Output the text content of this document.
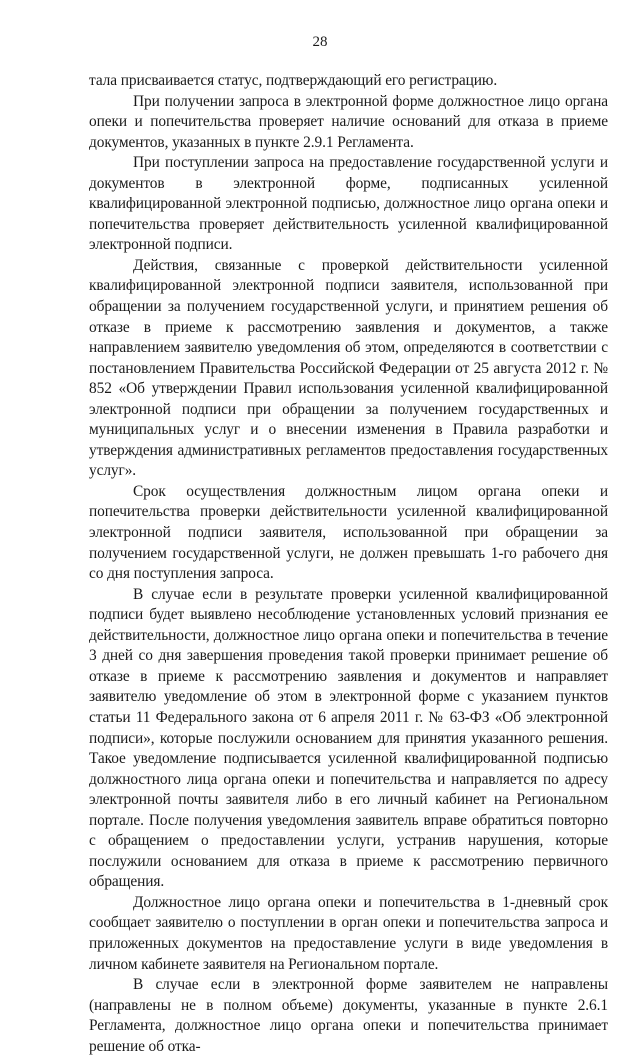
28

тала присваивается статус, подтверждающий его регистрацию.

При получении запроса в электронной форме должностное лицо органа опеки и попечительства проверяет наличие оснований для отказа в приеме документов, указанных в пункте 2.9.1 Регламента.

При поступлении запроса на предоставление государственной услуги и документов в электронной форме, подписанных усиленной квалифицированной электронной подписью, должностное лицо органа опеки и попечительства проверяет действительность усиленной квалифицированной электронной подписи.

Действия, связанные с проверкой действительности усиленной квалифицированной электронной подписи заявителя, использованной при обращении за получением государственной услуги, и принятием решения об отказе в приеме к рассмотрению заявления и документов, а также направлением заявителю уведомления об этом, определяются в соответствии с постановлением Правительства Российской Федерации от 25 августа 2012 г. № 852 «Об утверждении Правил использования усиленной квалифицированной электронной подписи при обращении за получением государственных и муниципальных услуг и о внесении изменения в Правила разработки и утверждения административных регламентов предоставления государственных услуг».

Срок осуществления должностным лицом органа опеки и попечительства проверки действительности усиленной квалифицированной электронной подписи заявителя, использованной при обращении за получением государственной услуги, не должен превышать 1-го рабочего дня со дня поступления запроса.

В случае если в результате проверки усиленной квалифицированной подписи будет выявлено несоблюдение установленных условий признания ее действительности, должностное лицо органа опеки и попечительства в течение 3 дней со дня завершения проведения такой проверки принимает решение об отказе в приеме к рассмотрению заявления и документов и направляет заявителю уведомление об этом в электронной форме с указанием пунктов статьи 11 Федерального закона от 6 апреля 2011 г. № 63-ФЗ «Об электронной подписи», которые послужили основанием для принятия указанного решения. Такое уведомление подписывается усиленной квалифицированной подписью должностного лица органа опеки и попечительства и направляется по адресу электронной почты заявителя либо в его личный кабинет на Региональном портале. После получения уведомления заявитель вправе обратиться повторно с обращением о предоставлении услуги, устранив нарушения, которые послужили основанием для отказа в приеме к рассмотрению первичного обращения.

Должностное лицо органа опеки и попечительства в 1-дневный срок сообщает заявителю о поступлении в орган опеки и попечительства запроса и приложенных документов на предоставление услуги в виде уведомления в личном кабинете заявителя на Региональном портале.

В случае если в электронной форме заявителем не направлены (направлены не в полном объеме) документы, указанные в пункте 2.6.1 Регламента, должностное лицо органа опеки и попечительства принимает решение об отка-
